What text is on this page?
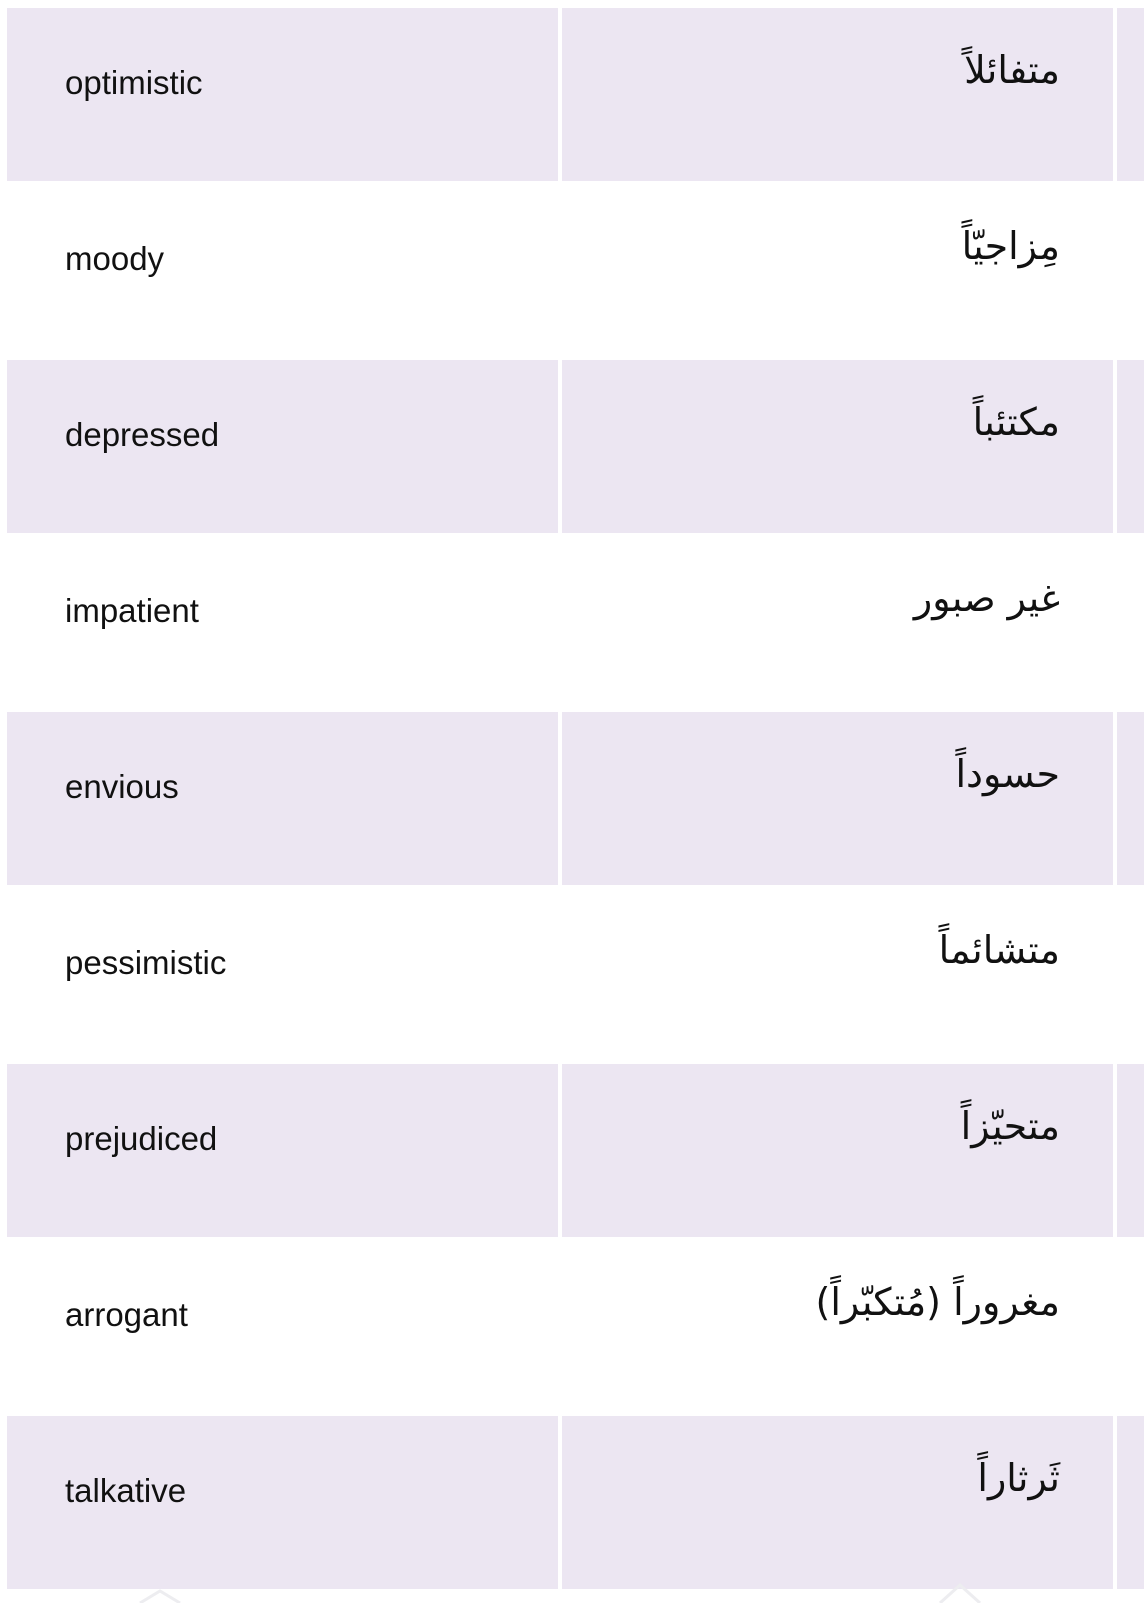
optimistic	متفائلاً
moody	مِزاجيّاً
depressed	مكتئباً
impatient	غير صبور
envious	حسوداً
pessimistic	متشائماً
prejudiced	متحيّزاً
arrogant	مغروراً (مُتكبّراً)
talkative	ثَرثاراً
